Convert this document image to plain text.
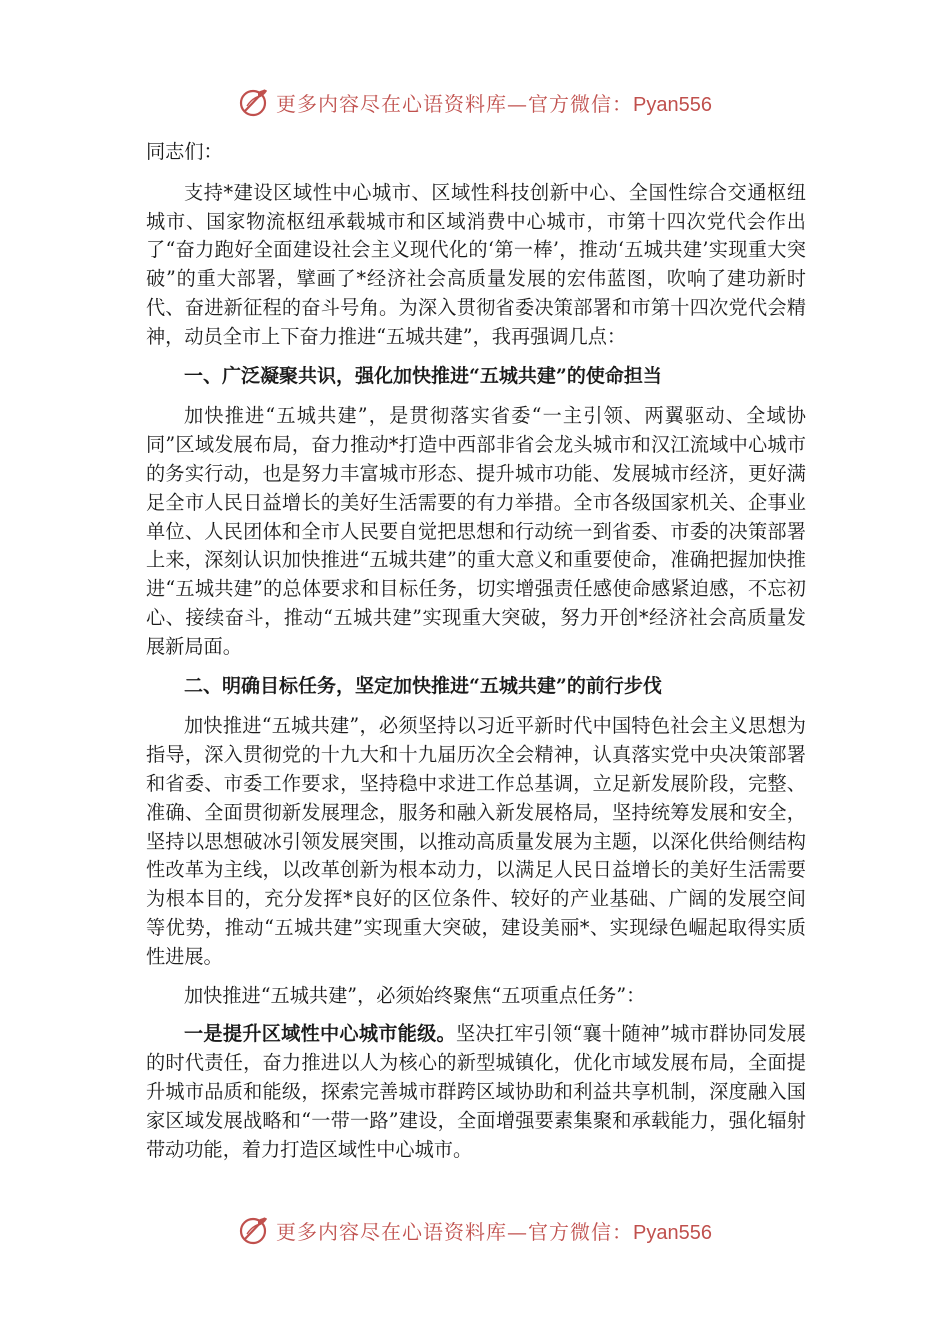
更多内容尽在心语资料库—官方微信：Pyan556

同志们：

支持*建设区域性中心城市、区域性科技创新中心、全国性综合交通枢纽城市、国家物流枢纽承载城市和区域消费中心城市，市第十四次党代会作出了“奋力跑好全面建设社会主义现代化的‘第一棒’，推动‘五城共建’实现重大突破”的重大部署，擘画了*经济社会高质量发展的宏伟蓝图，吹响了建功新时代、奋进新征程的奋斗号角。为深入贯彻省委决策部署和市第十四次党代会精神，动员全市上下奋力推进“五城共建”，我再强调几点：

一、广泛凝聚共识，强化加快推进“五城共建”的使命担当

加快推进“五城共建”，是贯彻落实省委“一主引领、两翼驱动、全域协同”区域发展布局，奋力推动*打造中西部非省会龙头城市和汉江流域中心城市的务实行动，也是努力丰富城市形态、提升城市功能、发展城市经济，更好满足全市人民日益增长的美好生活需要的有力举措。全市各级国家机关、企事业单位、人民团体和全市人民要自觉把思想和行动统一到省委、市委的决策部署上来，深刻认识加快推进“五城共建”的重大意义和重要使命，准确把握加快推进“五城共建”的总体要求和目标任务，切实增强责任感使命感紧迫感，不忘初心、接续奋斗，推动“五城共建”实现重大突破，努力开创*经济社会高质量发展新局面。

二、明确目标任务，坚定加快推进“五城共建”的前行步伐

加快推进“五城共建”，必须坚持以习近平新时代中国特色社会主义思想为指导，深入贯彻党的十九大和十九届历次全会精神，认真落实党中央决策部署和省委、市委工作要求，坚持稳中求进工作总基调，立足新发展阶段，完整、准确、全面贯彻新发展理念，服务和融入新发展格局，坚持统筹发展和安全，坚持以思想破冰引领发展突围，以推动高质量发展为主题，以深化供给侧结构性改革为主线，以改革创新为根本动力，以满足人民日益增长的美好生活需要为根本目的，充分发挥*良好的区位条件、较好的产业基础、广阔的发展空间等优势，推动“五城共建”实现重大突破，建设美丽*、实现绿色崛起取得实质性进展。

加快推进“五城共建”，必须始终聚焦“五项重点任务”：

一是提升区域性中心城市能级。坚决扛牢引领“襄十随神”城市群协同发展的时代责任，奋力推进以人为核心的新型城镇化，优化市域发展布局，全面提升城市品质和能级，探索完善城市群跨区域协助和利益共享机制，深度融入国家区域发展战略和“一带一路”建设，全面增强要素集聚和承载能力，强化辐射带动功能，着力打造区域性中心城市。

更多内容尽在心语资料库—官方微信：Pyan556
